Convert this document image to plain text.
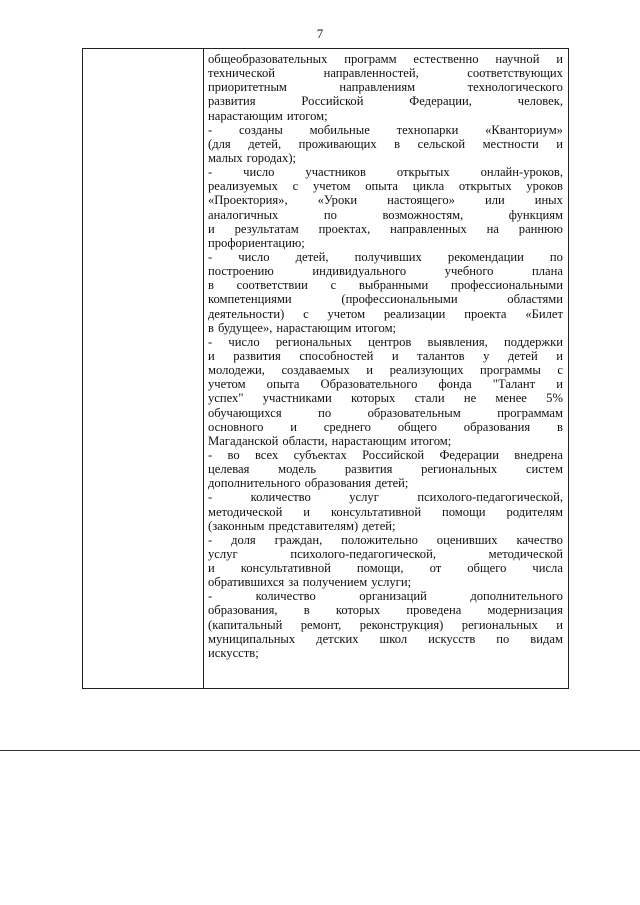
7
общеобразовательных программ естественно научной и
технической	направленностей,	соответствующих
приоритетным	направлениям	технологического
развития	Российской	Федерации,	человек,
нарастающим итогом;
- созданы мобильные технопарки «Кванториум»
(для детей, проживающих в сельской местности и
малых городах);
- число участников открытых онлайн-уроков,
реализуемых с учетом опыта цикла открытых уроков
«Проектория», «Уроки настоящего» или иных
аналогичных	по	возможностям,	функциям
и результатам проектах, направленных на раннюю
профориентацию;
- число детей, получивших рекомендации по
построению	индивидуального	учебного	плана
в соответствии с выбранными профессиональными
компетенциями	(профессиональными	областями
деятельности) с учетом реализации проекта «Билет
в будущее», нарастающим итогом;
- число региональных центров выявления, поддержки
и развития способностей и талантов у детей и
молодежи, создаваемых и реализующих программы с
учетом опыта Образовательного фонда "Талант и
успех" участниками которых стали не менее 5%
обучающихся	по	образовательным	программам
основного и среднего общего образования в
Магаданской области, нарастающим итогом;
- во всех субъектах Российской Федерации внедрена
целевая модель развития региональных систем
дополнительного образования детей;
-	количество	услуг	психолого-педагогической,
методической и консультативной помощи родителям
(законным представителям) детей;
- доля граждан, положительно оценивших качество
услуг	психолого-педагогической,	методической
и консультативной помощи, от общего числа
обратившихся за получением услуги;
-	количество	организаций	дополнительного
образования, в которых проведена модернизация
(капитальный ремонт, реконструкция) региональных и
муниципальных детских школ искусств по видам
искусств;
